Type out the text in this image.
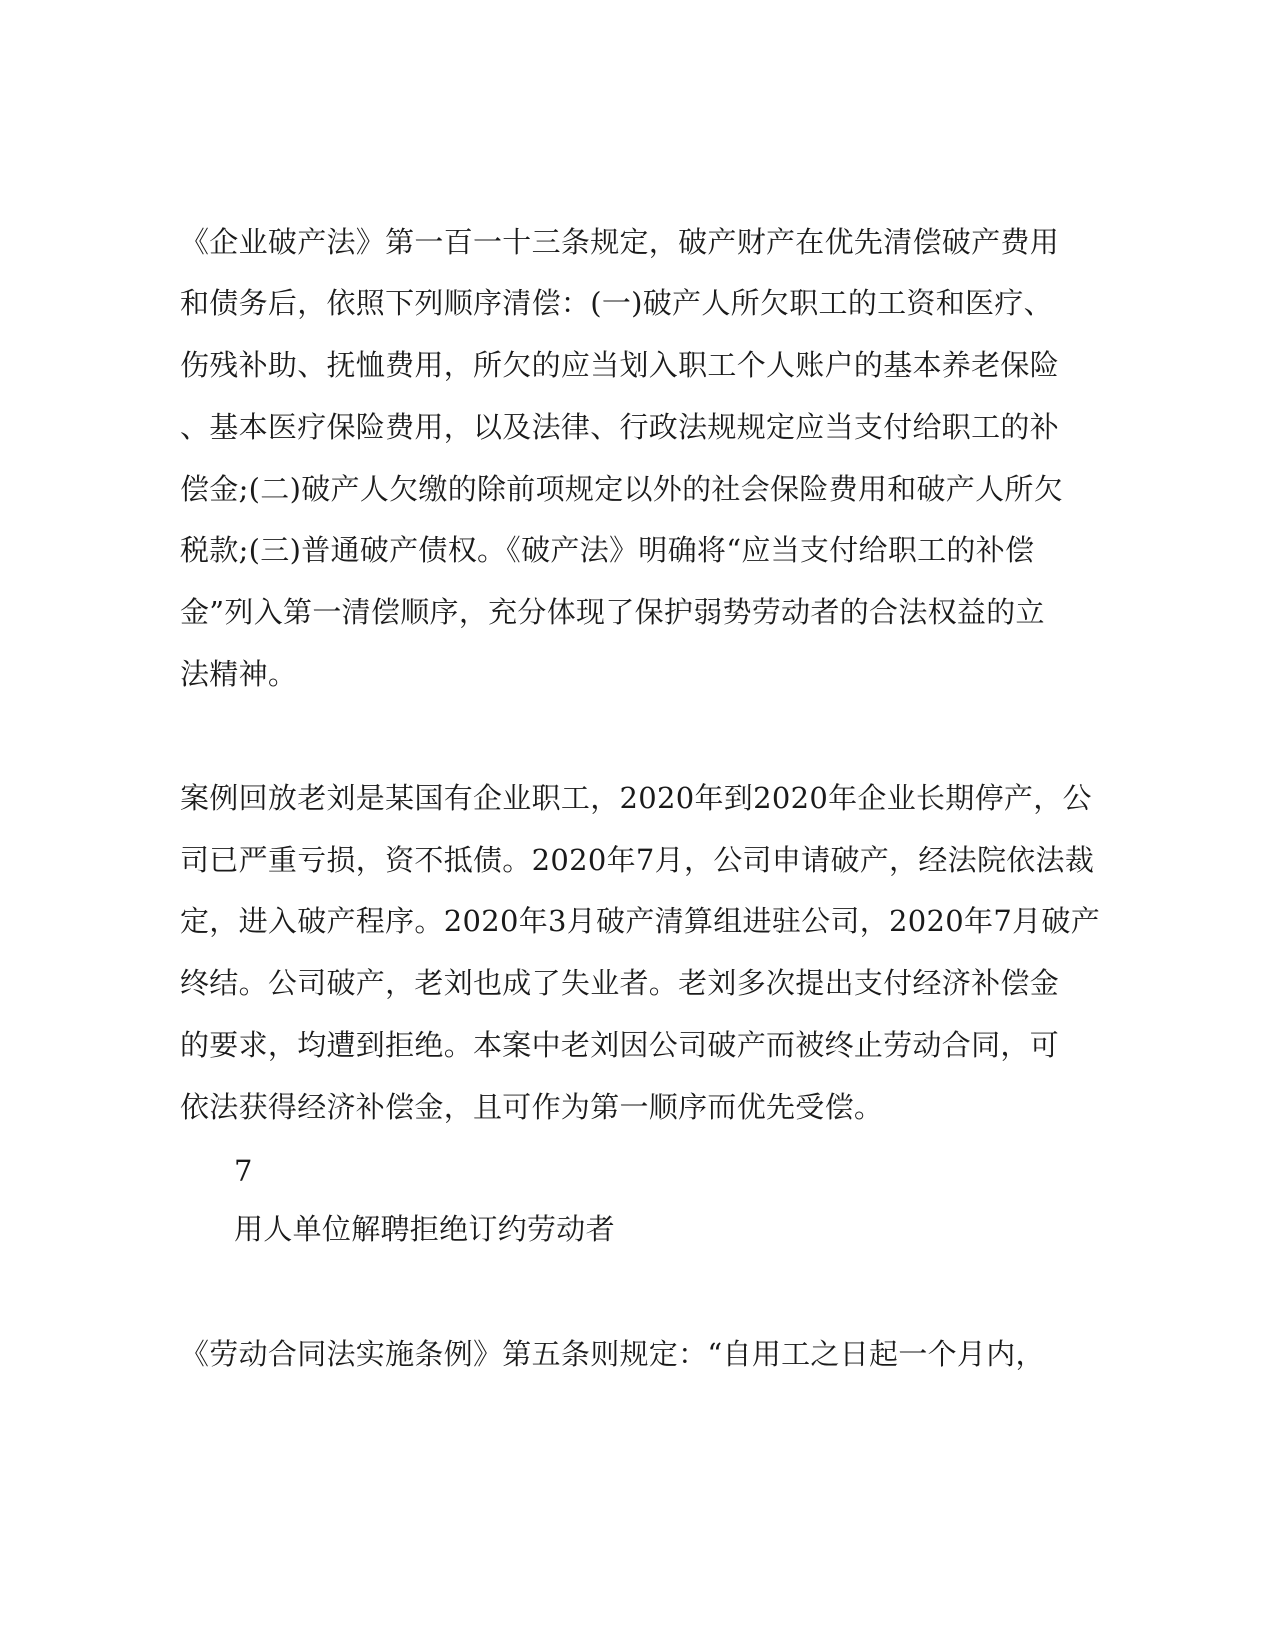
《企业破产法》第一百一十三条规定，破产财产在优先清偿破产费用
和债务后，依照下列顺序清偿：(一)破产人所欠职工的工资和医疗、
伤残补助、抚恤费用，所欠的应当划入职工个人账户的基本养老保险
、基本医疗保险费用，以及法律、行政法规规定应当支付给职工的补
偿金;(二)破产人欠缴的除前项规定以外的社会保险费用和破产人所欠
税款;(三)普通破产债权。《破产法》明确将“应当支付给职工的补偿
金”列入第一清偿顺序，充分体现了保护弱势劳动者的合法权益的立
法精神。
案例回放老刘是某国有企业职工，2020年到2020年企业长期停产，公
司已严重亏损，资不抵债。2020年7月，公司申请破产，经法院依法裁
定，进入破产程序。2020年3月破产清算组进驻公司，2020年7月破产
终结。公司破产，老刘也成了失业者。老刘多次提出支付经济补偿金
的要求，均遭到拒绝。本案中老刘因公司破产而被终止劳动合同，可
依法获得经济补偿金，且可作为第一顺序而优先受偿。
7
用人单位解聘拒绝订约劳动者
《劳动合同法实施条例》第五条则规定：“自用工之日起一个月内，
